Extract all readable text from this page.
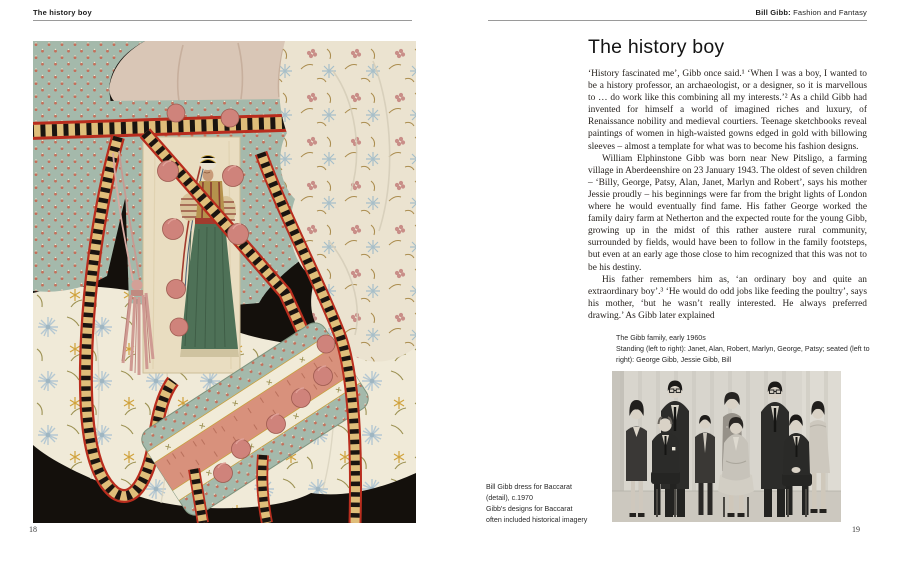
The history boy
18
Bill Gibb: Fashion and Fantasy
The history boy

‘History fascinated me’, Gibb once said.¹ ‘When I was a boy, I wanted to be a history professor, an archaeologist, or a designer, so it is marvellous to … do work like this combining all my interests.’² As a child Gibb had invented for himself a world of imagined riches and luxury, of Renaissance nobility and medieval courtiers. Teenage sketchbooks reveal paintings of women in high-waisted gowns edged in gold with billowing sleeves – almost a template for what was to become his fashion designs.

William Elphinstone Gibb was born near New Pitsligo, a farming village in Aberdeenshire on 23 January 1943. The oldest of seven children – ‘Billy, George, Patsy, Alan, Janet, Marlyn and Robert’, says his mother Jessie proudly – his beginnings were far from the bright lights of London where he would eventually find fame. His father George worked the family dairy farm at Netherton and the expected route for the young Gibb, growing up in the midst of this rather austere rural community, surrounded by fields, would have been to follow in the family footsteps, but even at an early age those close to him recognized that this was not to be his destiny.

His father remembers him as, ‘an ordinary boy and quite an extraordinary boy’.³ ‘He would do odd jobs like feeding the poultry’, says his mother, ‘but he wasn’t really interested. He always preferred drawing.’ As Gibb later explained

The Gibb family, early 1960s
Standing (left to right): Janet, Alan, Robert, Marlyn, George, Patsy; seated (left to right): George Gibb, Jessie Gibb, Bill
Bill Gibb dress for Baccarat
(detail), c.1970
Gibb's designs for Baccarat
often included historical imagery
19
